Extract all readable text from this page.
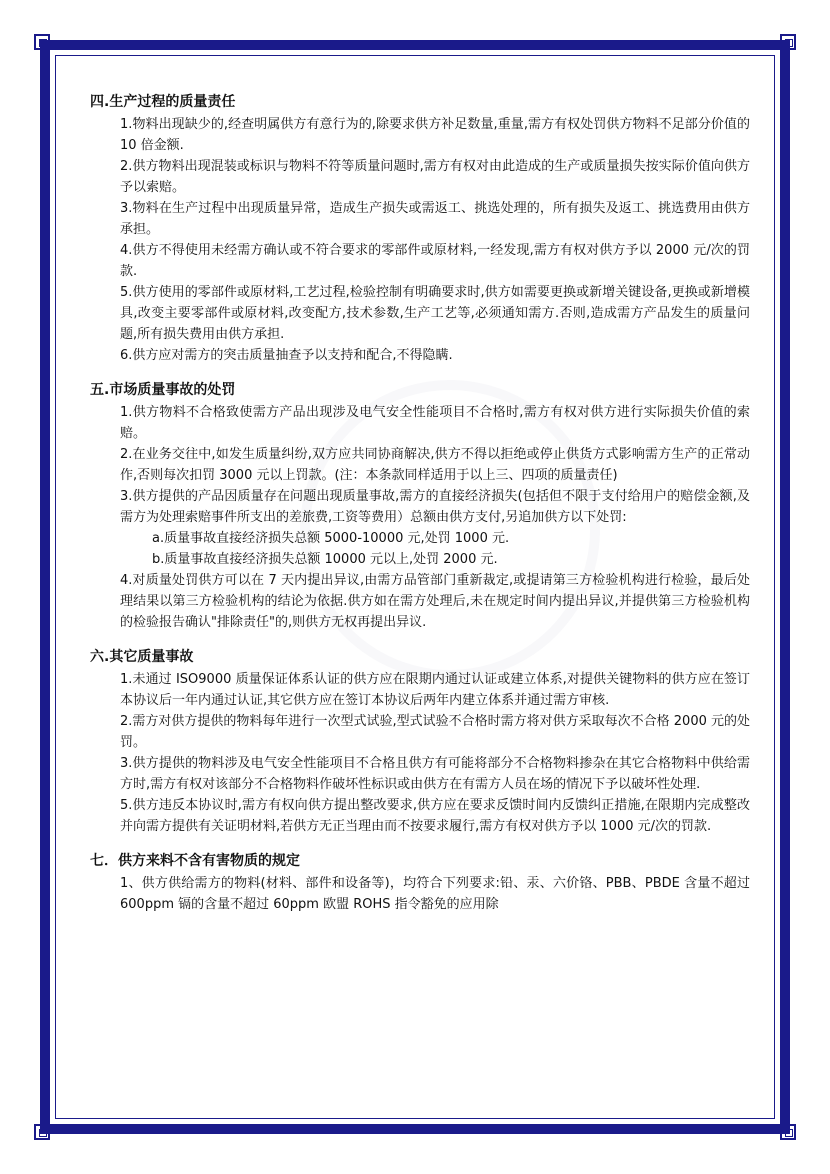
四.生产过程的质量责任
1.物料出现缺少的,经查明属供方有意行为的,除要求供方补足数量,重量,需方有权处罚供方物料不足部分价值的 10 倍金额.
2.供方物料出现混装或标识与物料不符等质量问题时,需方有权对由此造成的生产或质量损失按实际价值向供方予以索赔。
3.物料在生产过程中出现质量异常，造成生产损失或需返工、挑选处理的，所有损失及返工、挑选费用由供方承担。
4.供方不得使用未经需方确认或不符合要求的零部件或原材料,一经发现,需方有权对供方予以 2000 元/次的罚款.
5.供方使用的零部件或原材料,工艺过程,检验控制有明确要求时,供方如需要更换或新增关键设备,更换或新增模具,改变主要零部件或原材料,改变配方,技术参数,生产工艺等,必须通知需方.否则,造成需方产品发生的质量问题,所有损失费用由供方承担.
6.供方应对需方的突击质量抽查予以支持和配合,不得隐瞒.
五.市场质量事故的处罚
1.供方物料不合格致使需方产品出现涉及电气安全性能项目不合格时,需方有权对供方进行实际损失价值的索赔。
2.在业务交往中,如发生质量纠纷,双方应共同协商解决,供方不得以拒绝或停止供货方式影响需方生产的正常动作,否则每次扣罚 3000 元以上罚款。(注：本条款同样适用于以上三、四项的质量责任)
3.供方提供的产品因质量存在问题出现质量事故,需方的直接经济损失(包括但不限于支付给用户的赔偿金额,及需方为处理索赔事件所支出的差旅费,工资等费用）总额由供方支付,另追加供方以下处罚:
a.质量事故直接经济损失总额 5000-10000 元,处罚 1000 元.
b.质量事故直接经济损失总额 10000 元以上,处罚 2000 元.
4.对质量处罚供方可以在 7 天内提出异议,由需方品管部门重新裁定,或提请第三方检验机构进行检验，最后处理结果以第三方检验机构的结论为依据.供方如在需方处理后,未在规定时间内提出异议,并提供第三方检验机构的检验报告确认"排除责任"的,则供方无权再提出异议.
六.其它质量事故
1.未通过 ISO9000 质量保证体系认证的供方应在限期内通过认证或建立体系,对提供关键物料的供方应在签订本协议后一年内通过认证,其它供方应在签订本协议后两年内建立体系并通过需方审核.
2.需方对供方提供的物料每年进行一次型式试验,型式试验不合格时需方将对供方采取每次不合格 2000 元的处罚。
3.供方提供的物料涉及电气安全性能项目不合格且供方有可能将部分不合格物料掺杂在其它合格物料中供给需方时,需方有权对该部分不合格物料作破坏性标识或由供方在有需方人员在场的情况下予以破坏性处理.
5.供方违反本协议时,需方有权向供方提出整改要求,供方应在要求反馈时间内反馈纠正措施,在限期内完成整改并向需方提供有关证明材料,若供方无正当理由而不按要求履行,需方有权对供方予以 1000 元/次的罚款.
七．供方来料不含有害物质的规定
1、供方供给需方的物料(材料、部件和设备等)，均符合下列要求:铅、汞、六价铬、PBB、PBDE 含量不超过 600ppm 镉的含量不超过 60ppm 欧盟 ROHS 指令豁免的应用除
